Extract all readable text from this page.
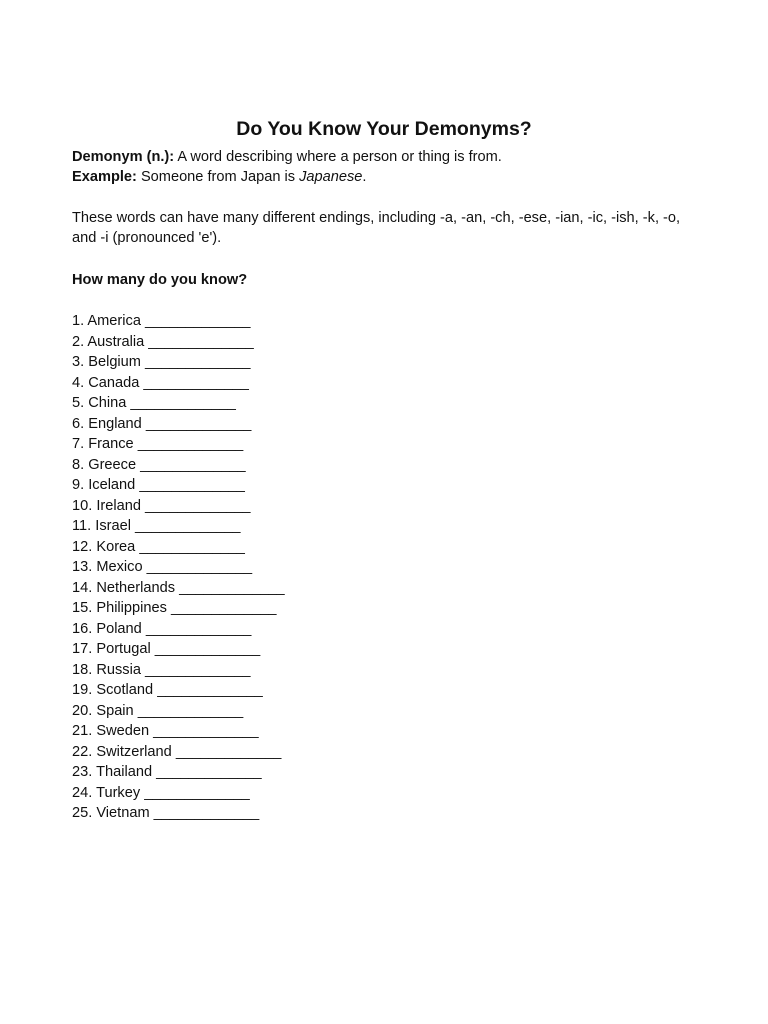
Do You Know Your Demonyms?
Demonym (n.): A word describing where a person or thing is from.
Example: Someone from Japan is Japanese.
These words can have many different endings, including -a, -an, -ch, -ese, -ian, -ic, -ish, -k, -o, and -i (pronounced 'e').
How many do you know?
1. America _____________
2. Australia _____________
3. Belgium _____________
4. Canada _____________
5. China _____________
6. England _____________
7. France _____________
8. Greece _____________
9. Iceland _____________
10. Ireland _____________
11. Israel _____________
12. Korea _____________
13. Mexico _____________
14. Netherlands _____________
15. Philippines _____________
16. Poland _____________
17. Portugal _____________
18. Russia _____________
19. Scotland _____________
20. Spain _____________
21. Sweden _____________
22. Switzerland _____________
23. Thailand _____________
24. Turkey _____________
25. Vietnam _____________
